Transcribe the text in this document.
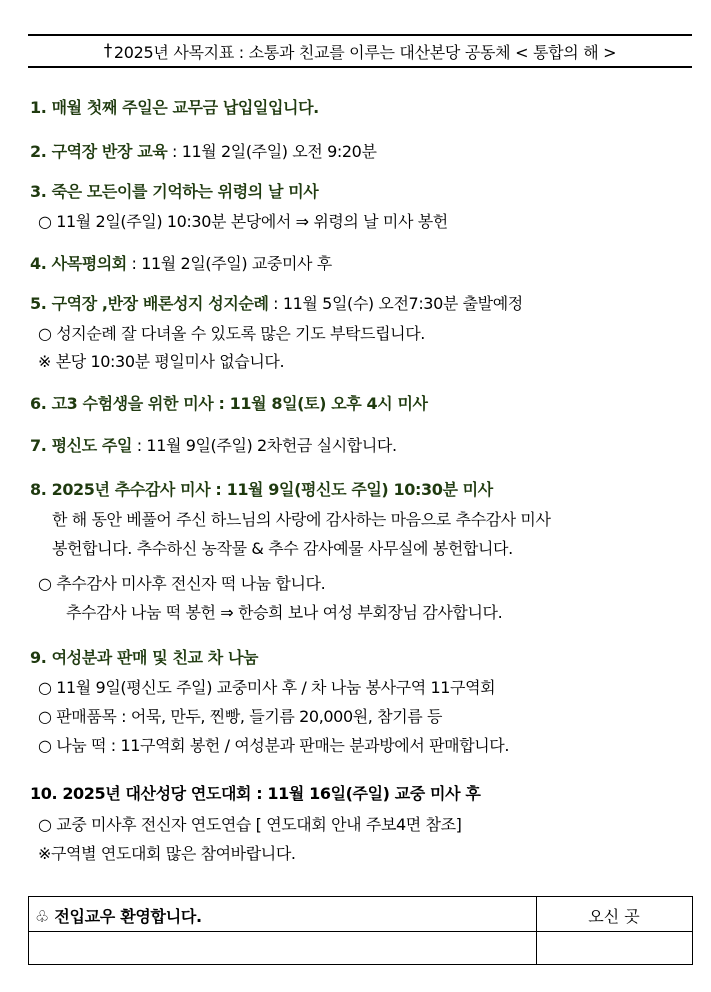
† 2025년 사목지표 : 소통과 친교를 이루는 대산본당 공동체 < 통합의 해 >
1. 매월 첫째 주일은 교무금 납입일입니다.
2. 구역장 반장 교육 : 11월 2일(주일) 오전 9:20분
3. 죽은 모든이를 기억하는 위령의 날 미사
○ 11월 2일(주일) 10:30분 본당에서 ⇒ 위령의 날 미사 봉헌
4. 사목평의회 : 11월 2일(주일) 교중미사 후
5. 구역장 ,반장 배론성지 성지순례 : 11월 5일(수) 오전7:30분 출발예정
○ 성지순례 잘 다녀올 수 있도록 많은 기도 부탁드립니다.
※ 본당 10:30분 평일미사 없습니다.
6. 고3 수험생을 위한 미사 : 11월 8일(토) 오후 4시 미사
7. 평신도 주일 : 11월 9일(주일) 2차헌금 실시합니다.
8. 2025년 추수감사 미사 : 11월 9일(평신도 주일) 10:30분 미사
한 해 동안 베풀어 주신 하느님의 사랑에 감사하는 마음으로 추수감사 미사
봉헌합니다. 추수하신 농작물 & 추수 감사예물 사무실에 봉헌합니다.
○ 추수감사 미사후 전신자 떡 나눔 합니다.
추수감사 나눔 떡 봉헌 ⇒ 한승희 보나 여성 부회장님 감사합니다.
9. 여성분과 판매 및 친교 차 나눔
○ 11월 9일(평신도 주일) 교중미사 후 / 차 나눔 봉사구역 11구역회
○ 판매품목 : 어묵, 만두, 찐빵, 들기름 20,000원, 참기름 등
○ 나눔 떡 : 11구역회 봉헌 / 여성분과 판매는 분과방에서 판매합니다.
10. 2025년 대산성당 연도대회 : 11월 16일(주일) 교중 미사 후
○ 교중 미사후 전신자 연도연습 [ 연도대회 안내 주보4면 참조]
※구역별 연도대회 많은 참여바랍니다.
♧ 전입교우 환영합니다.	오신 곳
